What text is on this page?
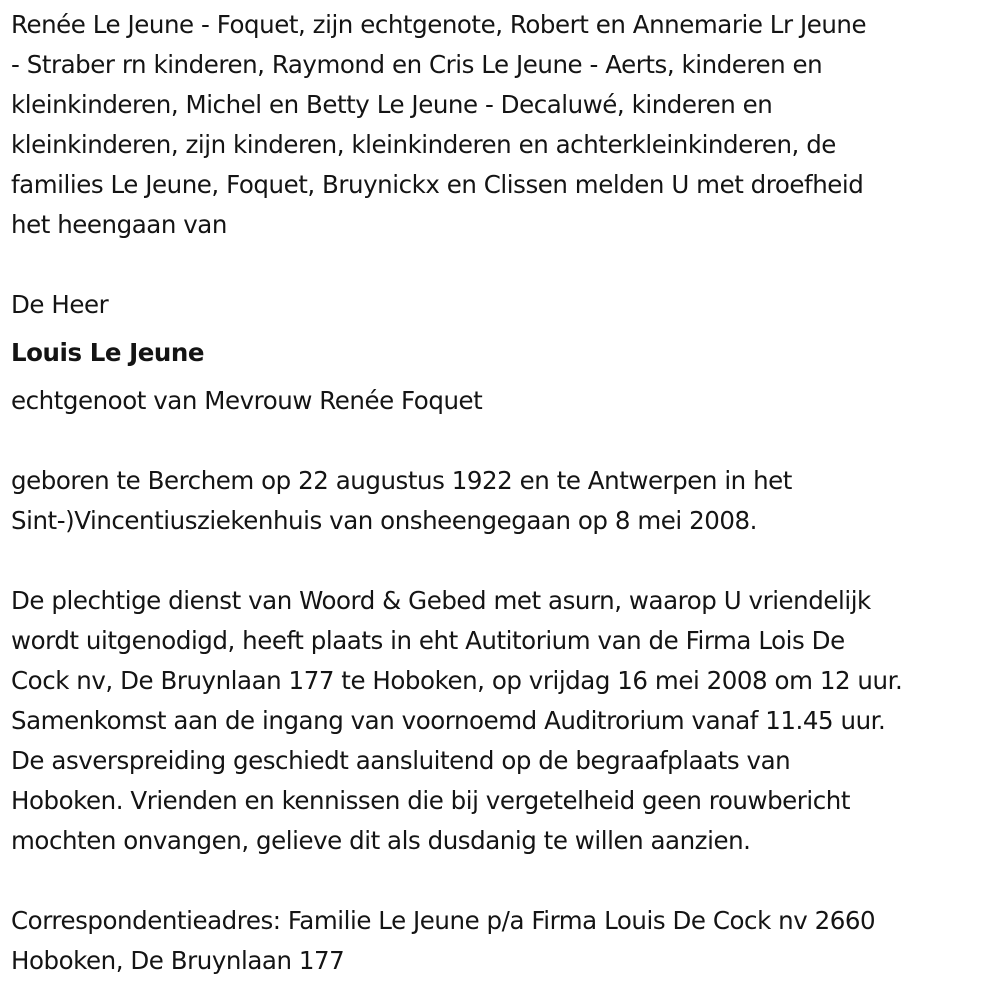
Renée Le Jeune - Foquet, zijn echtgenote, Robert en Annemarie Lr Jeune
- Straber rn kinderen, Raymond en Cris Le Jeune - Aerts, kinderen en
kleinkinderen, Michel en Betty Le Jeune - Decaluwé, kinderen en
kleinkinderen, zijn kinderen, kleinkinderen en achterkleinkinderen, de
families Le Jeune, Foquet, Bruynickx en Clissen melden U met droefheid
het heengaan van

De Heer

Louis Le Jeune

echtgenoot van Mevrouw Renée Foquet

geboren te Berchem op 22 augustus 1922 en te Antwerpen in het
Sint-)Vincentiusziekenhuis van onsheengegaan op 8 mei 2008.

De plechtige dienst van Woord & Gebed met asurn, waarop U vriendelijk
wordt uitgenodigd, heeft plaats in eht Autitorium van de Firma Lois De
Cock nv, De Bruynlaan 177 te Hoboken, op vrijdag 16 mei 2008 om 12 uur.
Samenkomst aan de ingang van voornoemd Auditrorium vanaf 11.45 uur.
De asverspreiding geschiedt aansluitend op de begraafplaats van
Hoboken. Vrienden en kennissen die bij vergetelheid geen rouwbericht
mochten onvangen, gelieve dit als dusdanig te willen aanzien.

Correspondentieadres: Familie Le Jeune p/a Firma Louis De Cock nv 2660
Hoboken, De Bruynlaan 177
